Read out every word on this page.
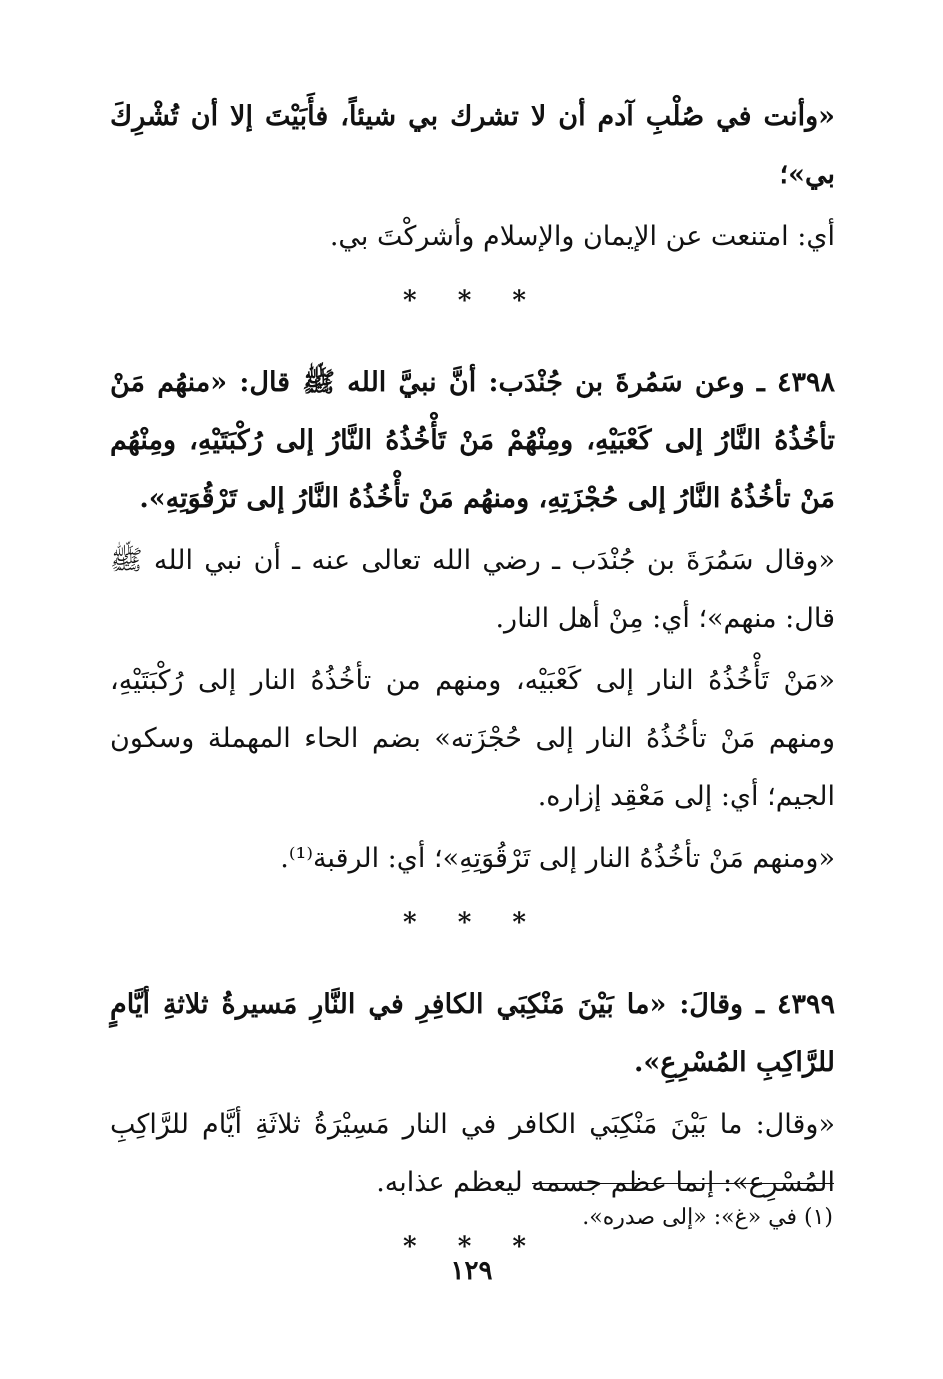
«وأنت في صُلْبِ آدم أن لا تشرك بي شيئاً، فأَبَيْتَ إلا أن تُشْرِكَ بي»؛

أي: امتنعت عن الإيمان والإسلام وأشركْتَ بي.

* * *

٤٣٩٨ ـ وعن سَمُرةَ بن جُنْدَب: أنَّ نبيَّ الله ﷺ قال: «منهُم مَنْ تأخُذُهُ النَّارُ إلى كَعْبَيْهِ، ومِنْهُمْ مَنْ تَأْخُذُهُ النَّارُ إلى رُكْبَتَيْهِ، ومِنْهُم مَنْ تأخُذُهُ النَّارُ إلى حُجْزَتِهِ، ومنهُم مَنْ تأْخُذُهُ النَّارُ إلى تَرْقُوَتِهِ».

«وقال سَمُرَةَ بن جُنْدَب ـ رضي الله تعالى عنه ـ أن نبي الله ﷺ قال: منهم»؛ أي: مِنْ أهل النار.

«مَنْ تَأْخُذُهُ النار إلى كَعْبَيْه، ومنهم من تأخُذُهُ النار إلى رُكْبَتَيْهِ، ومنهم مَنْ تأخُذُهُ النار إلى حُجْزَته» بضم الحاء المهملة وسكون الجيم؛ أي: إلى مَعْقِد إزاره.

«ومنهم مَنْ تأخُذُهُ النار إلى تَرْقُوَتِهِ»؛ أي: الرقبة⁽¹⁾.

* * *

٤٣٩٩ ـ وقالَ: «ما بَيْنَ مَنْكِبَي الكافِرِ في النَّارِ مَسيرةُ ثلاثةِ أيَّامٍ للرَّاكِبِ المُسْرِعِ».

«وقال: ما بَيْنَ مَنْكِبَي الكافر في النار مَسِيْرَةُ ثلاثَةِ أيَّام للرَّاكِبِ المُسْرِع»: إنما عظم جسمه ليعظم عذابه.

* * *
(١) في «غ»: «إلى صدره».
١٢٩
